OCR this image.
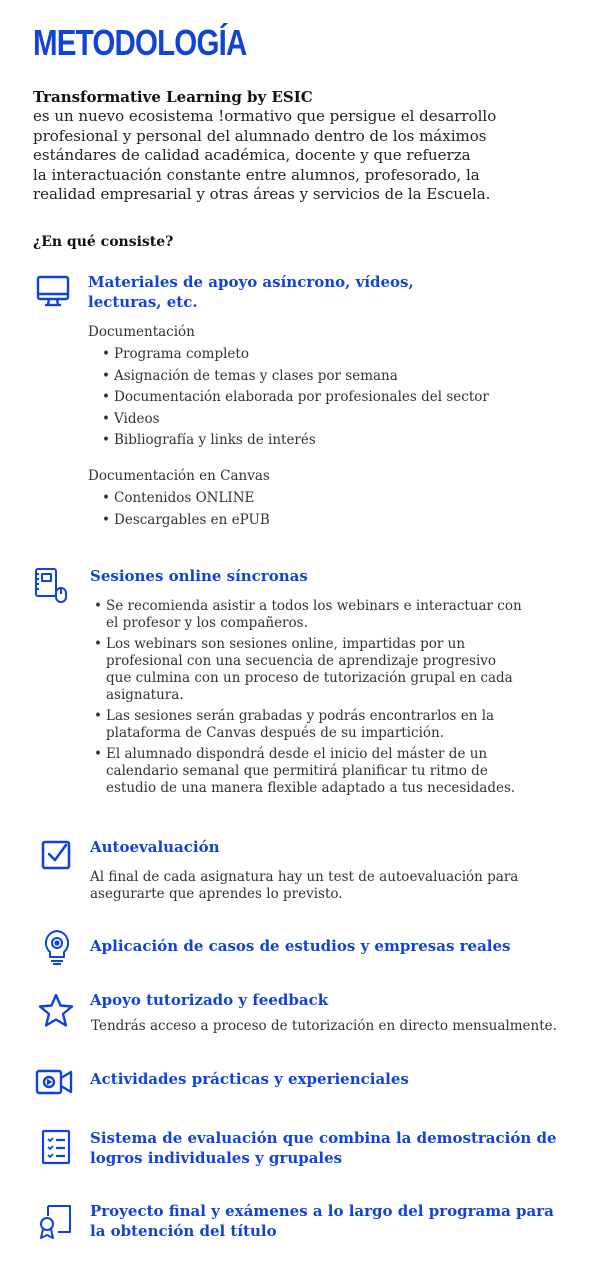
METODOLOGÍA
Transformative Learning by ESIC
es un nuevo ecosistema !ormativo que persigue el desarrollo
profesional y personal del alumnado dentro de los máximos
estándares de calidad académica, docente y que refuerza
la interactuación constante entre alumnos, profesorado, la
realidad empresarial y otras áreas y servicios de la Escuela.
¿En qué consiste?
Materiales de apoyo asíncrono, vídeos,
lecturas, etc.
Documentación
• Programa completo
• Asignación de temas y clases por semana
• Documentación elaborada por profesionales del sector
• Videos
• Bibliografía y links de interés
Documentación en Canvas
• Contenidos ONLINE
• Descargables en ePUB
Sesiones online síncronas
• Se recomienda asistir a todos los webinars e interactuar con
el profesor y los compañeros.
• Los webinars son sesiones online, impartidas por un
profesional con una secuencia de aprendizaje progresivo
que culmina con un proceso de tutorización grupal en cada
asignatura.
• Las sesiones serán grabadas y podrás encontrarlos en la
plataforma de Canvas después de su impartición.
• El alumnado dispondrá desde el inicio del máster de un
calendario semanal que permitirá planificar tu ritmo de
estudio de una manera flexible adaptado a tus necesidades.
Autoevaluación
Al final de cada asignatura hay un test de autoevaluación para
asegurarte que aprendes lo previsto.
Aplicación de casos de estudios y empresas reales
Apoyo tutorizado y feedback
Tendrás acceso a proceso de tutorización en directo mensualmente.
Actividades prácticas y experienciales
Sistema de evaluación que combina la demostración de
logros individuales y grupales
Proyecto final y exámenes a lo largo del programa para
la obtención del título
